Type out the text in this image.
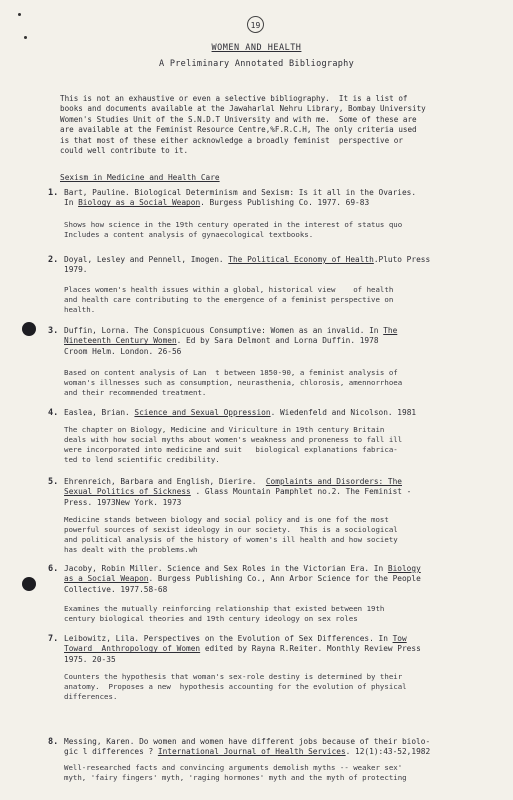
19
WOMEN AND HEALTH
A Preliminary Annotated Bibliography
This is not an exhaustive or even a selective bibliography.  It is a list of
books and documents available at the Jawaharlal Nehru Library, Bombay University
Women's Studies Unit of the S.N.D.T University and with me.  Some of these are
are available at the Feminist Resource Centre,%F.R.C.H, The only criteria used
is that most of these either acknowledge a broadly feminist  perspective or
could well contribute to it.
Sexism in Medicine and Health Care
1. Bart, Pauline. Biological Determinism and Sexism: Is it all in the Ovaries.
In Biology as a Social Weapon. Burgess Publishing Co. 1977. 69-83
Shows how science in the 19th century operated in the interest of status quo
Includes a content analysis of gynaecological textbooks.
2. Doyal, Lesley and Pennell, Imogen. The Political Economy of Health.Pluto Press
1979.
Places women's health issues within a global, historical view    of health
and health care contributing to the emergence of a feminist perspective on
health.
3. Duffin, Lorna. The Conspicuous Consumptive: Women as an invalid. In The
Nineteenth Century Women. Ed by Sara Delmont and Lorna Duffin. 1978
Croom Helm. London. 26-56
Based on content analysis of Lan  t between 1850-90, a feminist analysis of
woman's illnesses such as consumption, neurasthenia, chlorosis, amennorrhoea
and their recommended treatment.
4. Easlea, Brian. Science and Sexual Oppression. Wiedenfeld and Nicolson. 1981
The chapter on Biology, Medicine and Viriculture in 19th century Britain
deals with how social myths about women's weakness and proneness to fall ill
were incorporated into medicine and suit   biological explanations fabrica-
ted to lend scientific credibility.
5. Ehrenreich, Barbara and English, Dierire.  Complaints and Disorders: The
Sexual Politics of Sickness . Glass Mountain Pamphlet no.2. The Feminist -
Press. 1973New York. 1973
Medicine stands between biology and social policy and is one fof the most
powerful sources of sexist ideology in our society.  This is a sociological
and political analysis of the history of women's ill health and how society
has dealt with the problems.wh
6. Jacoby, Robin Miller. Science and Sex Roles in the Victorian Era. In Biology
as a Social Weapon. Burgess Publishing Co., Ann Arbor Science for the People
Collective. 1977.58-68
Examines the mutually reinforcing relationship that existed between 19th
century biological theories and 19th century ideology on sex roles
7. Leibowitz, Lila. Perspectives on the Evolution of Sex Differences. In Tow
Toward  Anthropology of Women edited by Rayna R.Reiter. Monthly Review Press
1975. 20-35
Counters the hypothesis that woman's sex-role destiny is determined by their
anatomy.  Proposes a new  hypothesis accounting for the evolution of physical
differences.
8. Messing, Karen. Do women and women have different jobs because of their biolo-
gic l differences ? International Journal of Health Services. 12(1):43-52,1982
Well-researched facts and convincing arguments demolish myths -- weaker sex'
myth, 'fairy fingers' myth, 'raging hormones' myth and the myth of protecting
